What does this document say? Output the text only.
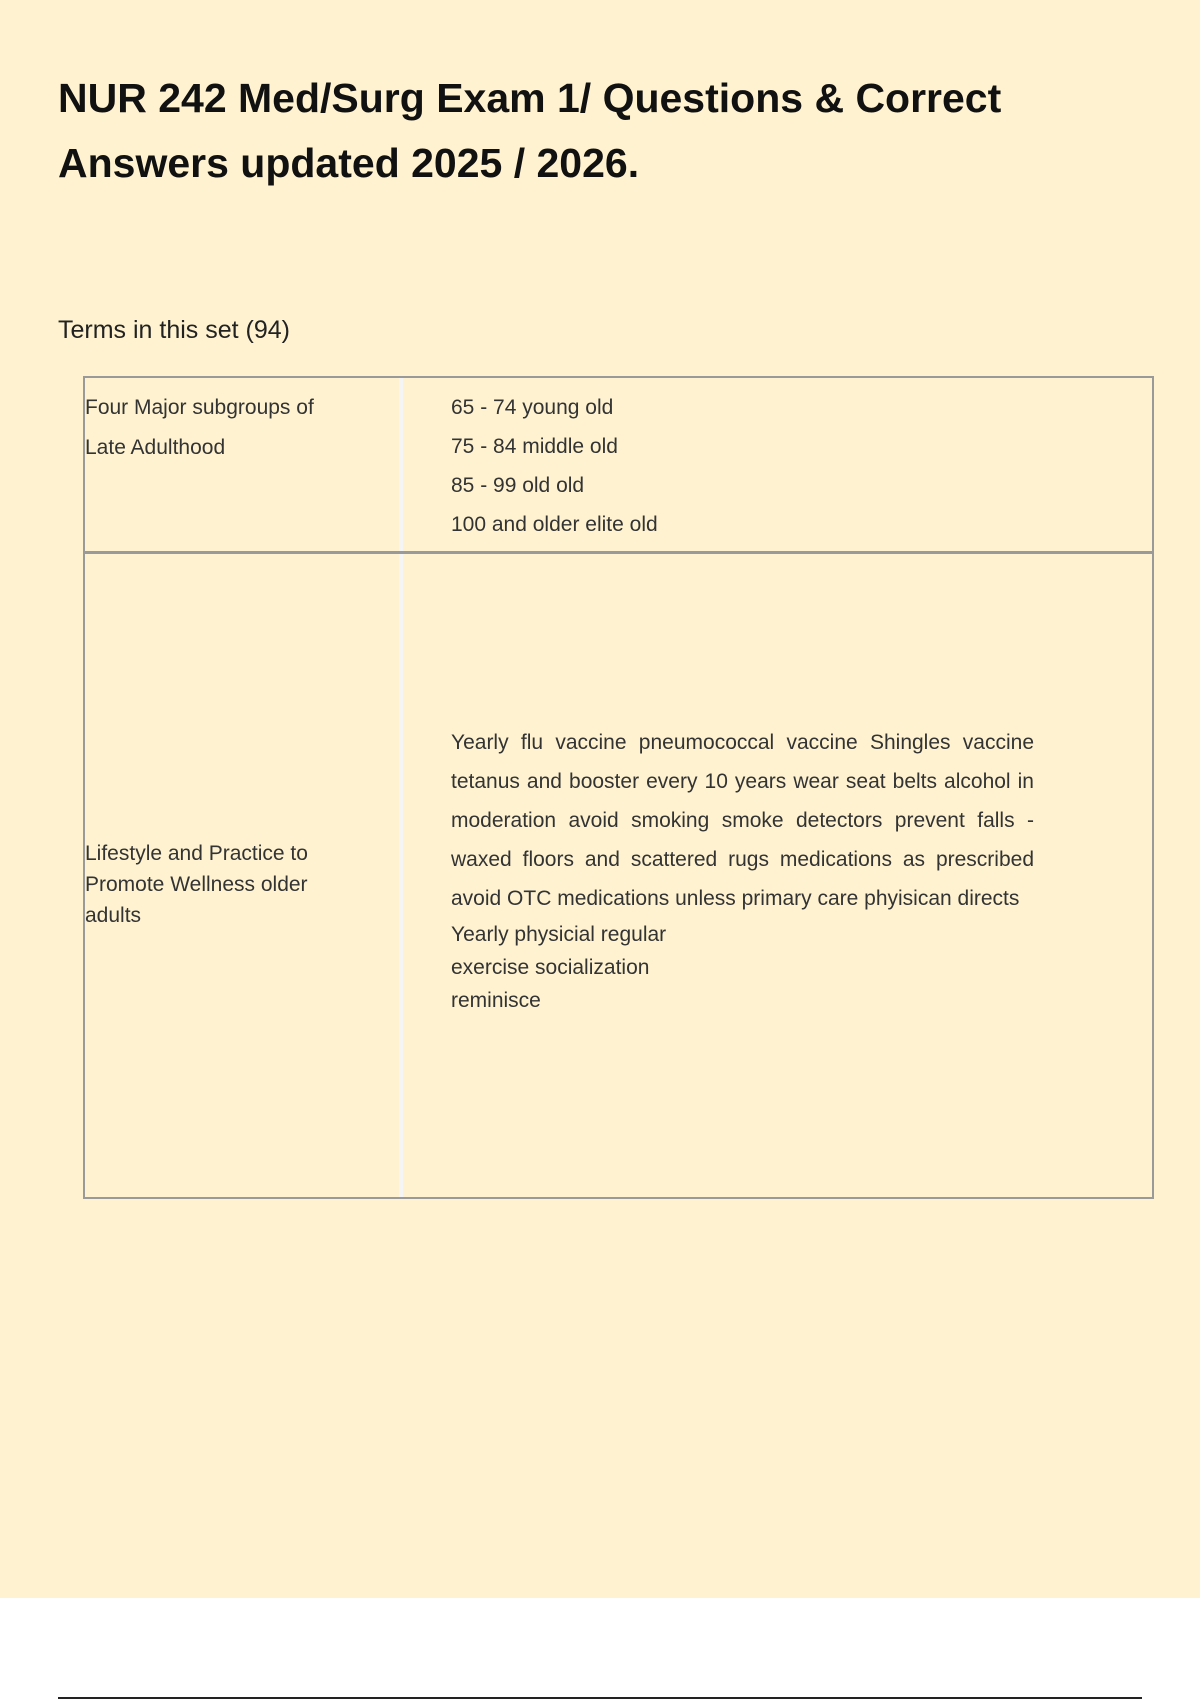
NUR 242 Med/Surg Exam 1/ Questions & Correct
Answers updated 2025 / 2026.

Terms in this set (94)

Four Major subgroups of
Late Adulthood
65 - 74 young old
75 - 84 middle old
85 - 99 old old
100 and older elite old
Lifestyle and Practice to
Promote Wellness older
adults
Yearly flu vaccine pneumococcal vaccine Shingles vaccine tetanus and booster every 10 years wear seat belts alcohol in moderation avoid smoking smoke detectors prevent falls - waxed floors and scattered rugs medications as prescribed avoid OTC medications unless primary care phyisican directs
Yearly physicial regular
exercise socialization
reminisce
